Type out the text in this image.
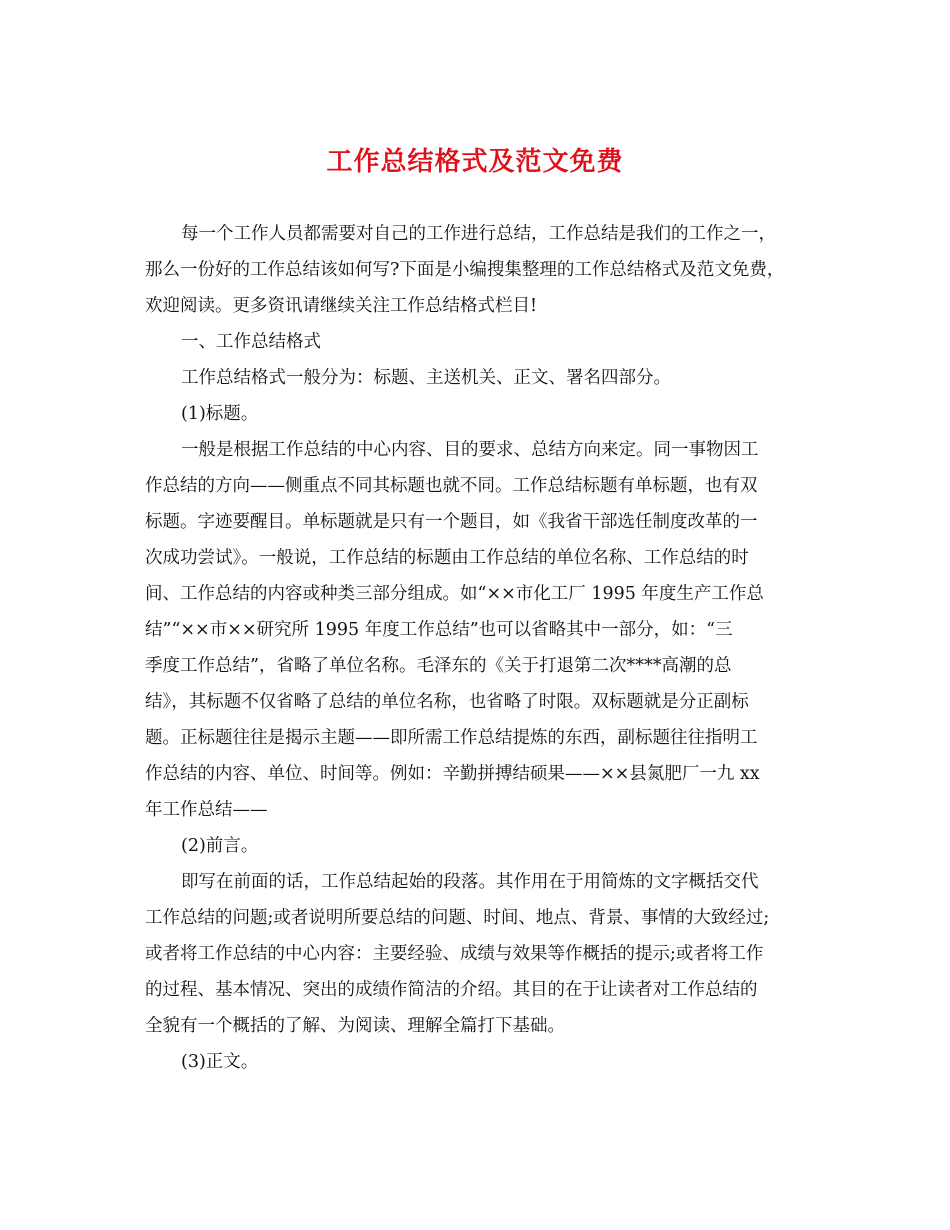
工作总结格式及范文免费

每一个工作人员都需要对自己的工作进行总结，工作总结是我们的工作之一，

那么一份好的工作总结该如何写?下面是小编搜集整理的工作总结格式及范文免费，

欢迎阅读。更多资讯请继续关注工作总结格式栏目!

一、工作总结格式

工作总结格式一般分为：标题、主送机关、正文、署名四部分。

(1)标题。

一般是根据工作总结的中心内容、目的要求、总结方向来定。同一事物因工

作总结的方向——侧重点不同其标题也就不同。工作总结标题有单标题，也有双

标题。字迹要醒目。单标题就是只有一个题目，如《我省干部选任制度改革的一

次成功尝试》。一般说，工作总结的标题由工作总结的单位名称、工作总结的时

间、工作总结的内容或种类三部分组成。如“××市化工厂 1995 年度生产工作总

结”“××市××研究所 1995 年度工作总结”也可以省略其中一部分，如：“三

季度工作总结”，省略了单位名称。毛泽东的《关于打退第二次****高潮的总

结》，其标题不仅省略了总结的单位名称，也省略了时限。双标题就是分正副标

题。正标题往往是揭示主题——即所需工作总结提炼的东西，副标题往往指明工

作总结的内容、单位、时间等。例如：辛勤拼搏结硕果——××县氮肥厂一九 xx

年工作总结——

(2)前言。

即写在前面的话，工作总结起始的段落。其作用在于用简炼的文字概括交代

工作总结的问题;或者说明所要总结的问题、时间、地点、背景、事情的大致经过;

或者将工作总结的中心内容：主要经验、成绩与效果等作概括的提示;或者将工作

的过程、基本情况、突出的成绩作简洁的介绍。其目的在于让读者对工作总结的

全貌有一个概括的了解、为阅读、理解全篇打下基础。

(3)正文。
